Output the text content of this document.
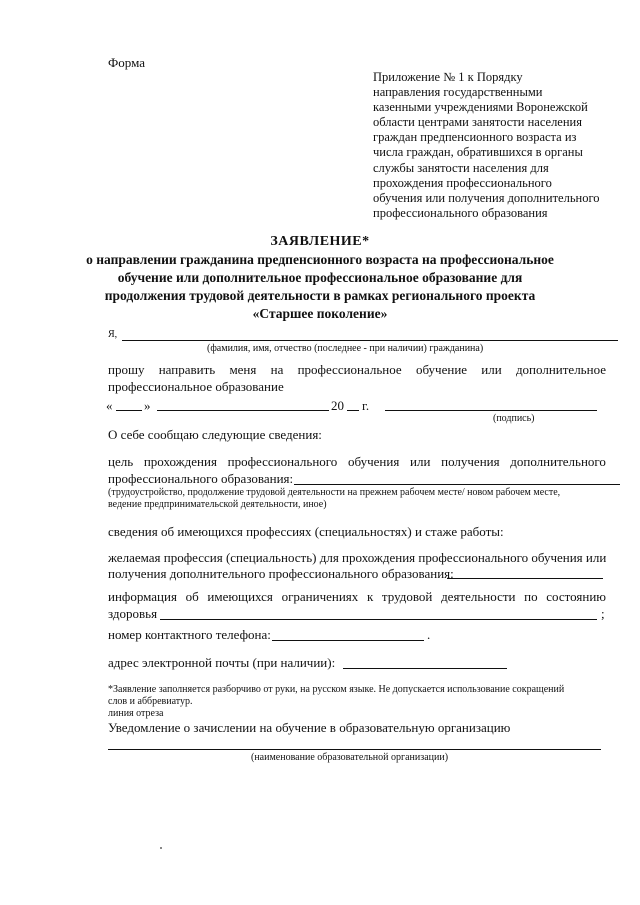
Форма
Приложение № 1 к Порядку
направления государственными
казенными учреждениями Воронежской
области центрами занятости населения
граждан предпенсионного возраста из
числа граждан, обратившихся в органы
службы занятости населения для
прохождения профессионального
обучения или получения дополнительного
профессионального образования
ЗАЯВЛЕНИЕ*
о направлении гражданина предпенсионного возраста на профессиональное
обучение или дополнительное профессиональное образование для
продолжения трудовой деятельности в рамках регионального проекта
«Старшее поколение»
Я,
(фамилия, имя, отчество (последнее - при наличии) гражданина)
прошу направить меня на профессиональное обучение или дополнительное
профессиональное образование
« »	20 г.
(подпись)
О себе сообщаю следующие сведения:
цель прохождения профессионального обучения или получения дополнительного
профессионального образования:
(трудоустройство, продолжение трудовой деятельности на прежнем рабочем месте/ новом рабочем месте,
ведение предпринимательской деятельности, иное)
сведения об имеющихся профессиях (специальностях) и стаже работы:
желаемая профессия (специальность) для прохождения профессионального обучения или
получения дополнительного профессионального образования:
информация об имеющихся ограничениях к трудовой деятельности по состоянию
здоровья	;
номер контактного телефона:	.
адрес электронной почты (при наличии):
*Заявление заполняется разборчиво от руки, на русском языке. Не допускается использование сокращений
слов и аббревиатур.
линия отреза
Уведомление о зачислении на обучение в образовательную организацию
(наименование образовательной организации)
